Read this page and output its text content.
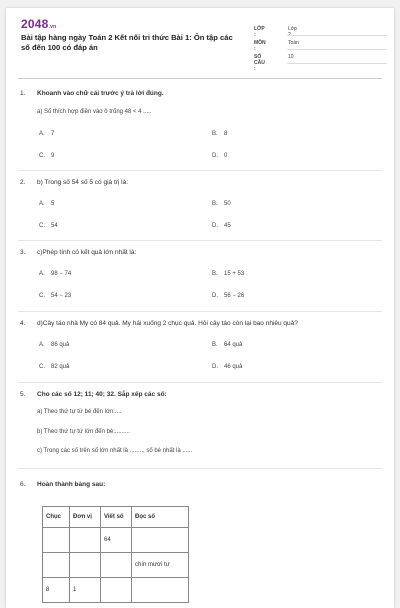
2048.vn
Bài tập hàng ngày Toán 2 Kết nối tri thức Bài 1: Ôn tập các số đến 100 có đáp án
LỚP :
Lớp 2
MÔN :
Toán
SỐ CÂU :
10
1. Khoanh vào chữ cái trước ý trả lời đúng.
a) Số thích hợp điền vào ô trống 48 < 4 .....
A. 7	B. 8
C. 9	D. 0
2. b) Trong số 54 số 5 có giá trị là:
A. 5	B. 50
C. 54	D. 45
3. c)Phép tính có kết quả lớn nhất là:
A. 98 − 74	B. 15 + 53
C. 54 − 23	D. 56 − 26
4. d)Cây táo nhà My có 84 quả. My hái xuống 2 chục quả. Hỏi cây táo còn lại bao nhiêu quả?
A. 86 quả	B. 64 quả
C. 82 quả	D. 46 quả
5. Cho các số 12; 11; 40; 32. Sắp xếp các số:
a) Theo thứ tự từ bé đến lớn:....
b) Theo thứ tự từ lớn đến bé:.........
c) Trong các số trên số lớn nhất là ........, số bé nhất là ......
6. Hoàn thành bảng sau:
Chục	Đơn vị	Viết số	Đọc số
		64	
			chín mươi tư
8	1		
